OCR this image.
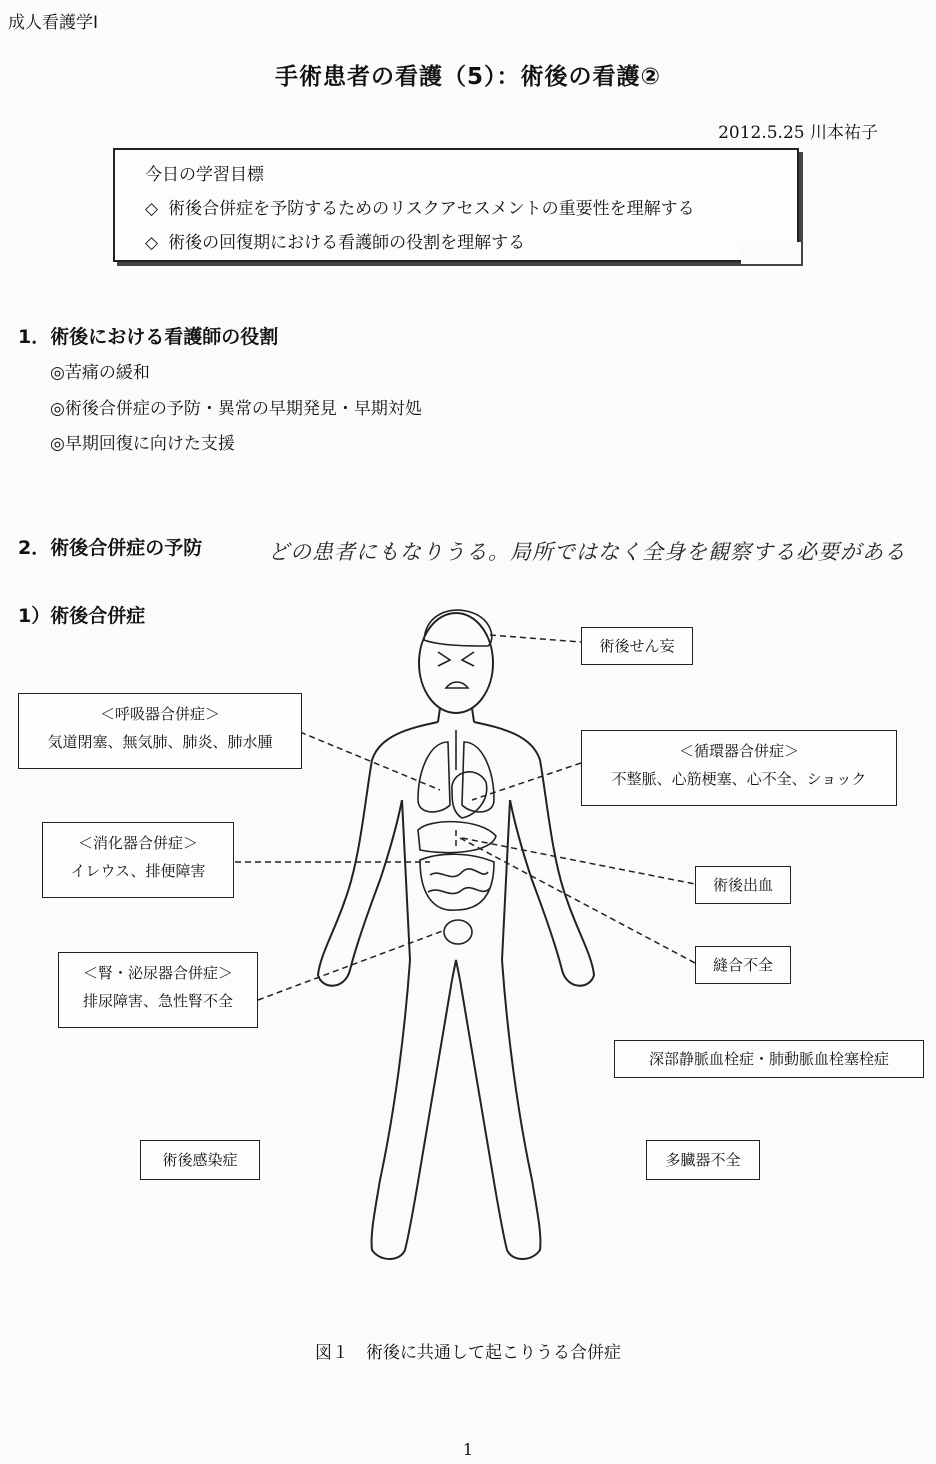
成人看護学Ⅰ
手術患者の看護（5）：術後の看護②
2012.5.25 川本祐子
今日の学習目標
◇ 術後合併症を予防するためのリスクアセスメントの重要性を理解する
◇ 術後の回復期における看護師の役割を理解する
1．術後における看護師の役割
◎苦痛の緩和
◎術後合併症の予防・異常の早期発見・早期対処
◎早期回復に向けた支援
2．術後合併症の予防	どの患者にもなりうる。局所ではなく全身を観察する必要がある
1）術後合併症
術後せん妄
＜呼吸器合併症＞
気道閉塞、無気肺、肺炎、肺水腫	＜循環器合併症＞
不整脈、心筋梗塞、心不全、ショック
＜消化器合併症＞
イレウス、排便障害
術後出血
＜腎・泌尿器合併症＞
排尿障害、急性腎不全
縫合不全
深部静脈血栓症・肺動脈血栓塞栓症
術後感染症	多臓器不全
図１　術後に共通して起こりうる合併症
1
